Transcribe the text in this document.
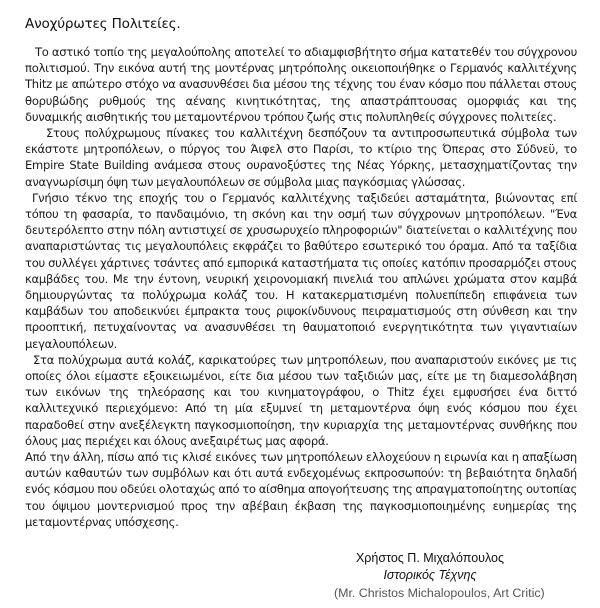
Ανοχύρωτες Πολιτείες.

Το αστικό τοπίο της μεγαλούπολης αποτελεί το αδιαμφισβήτητο σήμα κατατεθέν του σύγχρονου πολιτισμού. Την εικόνα αυτή της μοντέρνας μητρόπολης οικειοποιήθηκε ο Γερμανός καλλιτέχνης Thitz με απώτερο στόχο να ανασυνθέσει δια μέσου της τέχνης του έναν κόσμο που πάλλεται στους θορυβώδης ρυθμούς της αέναης κινητικότητας, της απαστράπτουσας ομορφιάς και της δυναμικής αισθητικής του μεταμοντέρνου τρόπου ζωής στις πολυπληθείς σύγχρονες πολιτείες.

Στους πολύχρωμους πίνακες του καλλιτέχνη δεσπόζουν τα αντιπροσωπευτικά σύμβολα των εκάστοτε μητροπόλεων, ο πύργος του Άιφελ στο Παρίσι, το κτίριο της Όπερας στο Σύδνεϋ, το Empire State Building ανάμεσα στους ουρανοξύστες της Νέας Υόρκης, μετασχηματίζοντας την αναγνωρίσιμη όψη των μεγαλουπόλεων σε σύμβολα μιας παγκόσμιας γλώσσας.

Γνήσιο τέκνο της εποχής του ο Γερμανός καλλιτέχνης ταξιδεύει ασταμάτητα, βιώνοντας επί τόπου τη φασαρία, το πανδαιμόνιο, τη σκόνη και την οσμή των σύγχρονων μητροπόλεων. "Ένα δευτερόλεπτο στην πόλη αντιστιχεί σε χρυσωρυχείο πληροφοριών" διατείνεται ο καλλιτέχνης που αναπαριστώντας τις μεγαλουπόλεις εκφράζει το βαθύτερο εσωτερικό του όραμα. Από τα ταξίδια του συλλέγει χάρτινες τσάντες από εμπορικά καταστήματα τις οποίες κατόπιν προσαρμόζει στους καμβάδες του. Με την έντονη, νευρική χειρονομιακή πινελιά του απλώνει χρώματα στον καμβά δημιουργώντας τα πολύχρωμα κολάζ του. Η κατακερματισμένη πολυεπίπεδη επιφάνεια των καμβάδων του αποδεικνύει έμπρακτα τους ριψοκίνδυνους πειραματισμούς στη σύνθεση και την προοπτική, πετυχαίνοντας να ανασυνθέσει τη θαυματοποιό ενεργητικότητα των γιγαντιαίων μεγαλουπόλεων.

Στα πολύχρωμα αυτά κολάζ, καρικατούρες των μητροπόλεων, που αναπαριστούν εικόνες με τις οποίες όλοι είμαστε εξοικειωμένοι, είτε δια μέσου των ταξιδιών μας, είτε με τη διαμεσολάβηση των εικόνων της τηλεόρασης και του κινηματογράφου, ο Thitz έχει εμφυσήσει ένα διττό καλλιτεχνικό περιεχόμενο: Από τη μία εξυμνεί τη μεταμοντέρνα όψη ενός κόσμου που έχει παραδοθεί στην ανεξέλεγκτη παγκοσμιοποίηση, την κυριαρχία της μεταμοντέρνας συνθήκης που όλους μας περιέχει και όλους ανεξαιρέτως μας αφορά.

Από την άλλη, πίσω από τις κλισέ εικόνες των μητροπόλεων ελλοχεύουν η ειρωνία και η απαξίωση αυτών καθαυτών των συμβόλων και ότι αυτά ενδεχομένως εκπροσωπούν: τη βεβαιότητα δηλαδή ενός κόσμου που οδεύει ολοταχώς από το αίσθημα απογοήτευσης της απραγματοποίητης ουτοπίας του όψιμου μοντερνισμού προς την αβέβαιη έκβαση της παγκοσμιοποιημένης ευημερίας της μεταμοντέρνας υπόσχεσης.

Χρήστος Π. Μιχαλόπουλος
Ιστορικός Τέχνης
(Mr. Christos Michalopoulos, Art Critic)
